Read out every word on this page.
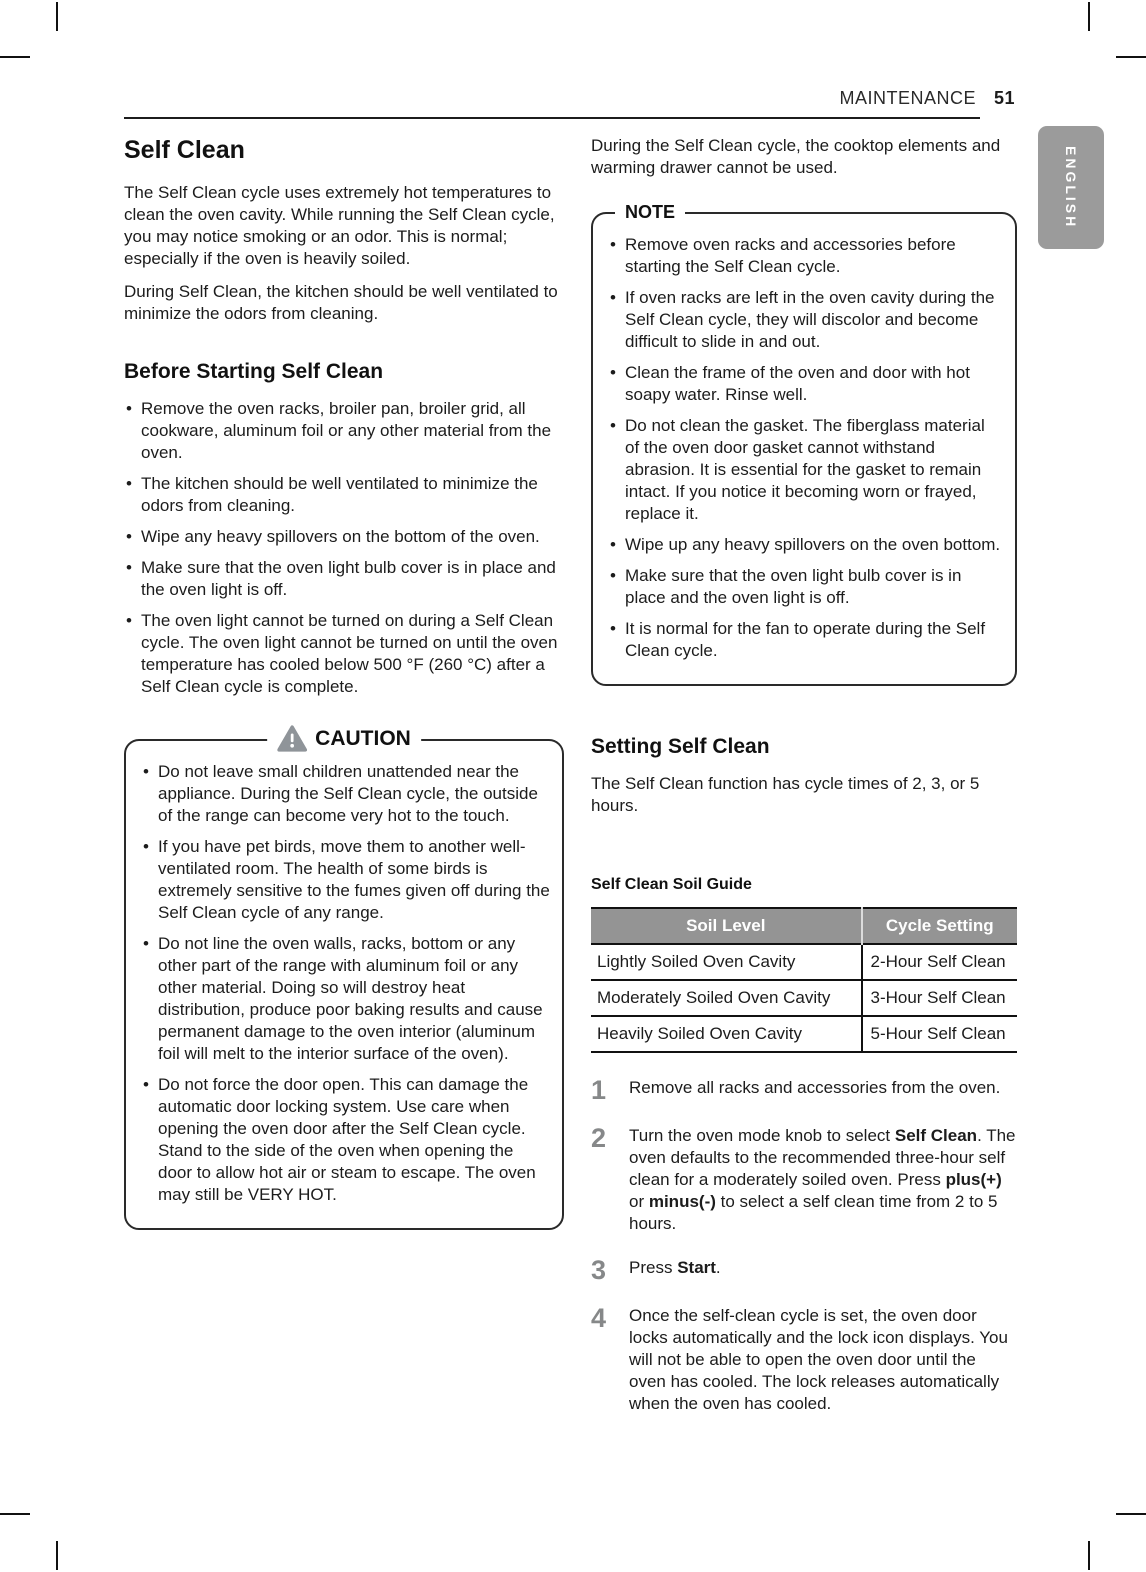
MAINTENANCE 51
ENGLISH
Self Clean

The Self Clean cycle uses extremely hot temperatures to clean the oven cavity. While running the Self Clean cycle, you may notice smoking or an odor. This is normal; especially if the oven is heavily soiled.

During Self Clean, the kitchen should be well ventilated to minimize the odors from cleaning.

Before Starting Self Clean
• Remove the oven racks, broiler pan, broiler grid, all cookware, aluminum foil or any other material from the oven.
• The kitchen should be well ventilated to minimize the odors from cleaning.
• Wipe any heavy spillovers on the bottom of the oven.
• Make sure that the oven light bulb cover is in place and the oven light is off.
• The oven light cannot be turned on during a Self Clean cycle. The oven light cannot be turned on until the oven temperature has cooled below 500 °F (260 °C) after a Self Clean cycle is complete.
CAUTION
• Do not leave small children unattended near the appliance. During the Self Clean cycle, the outside of the range can become very hot to the touch.
• If you have pet birds, move them to another well-ventilated room. The health of some birds is extremely sensitive to the fumes given off during the Self Clean cycle of any range.
• Do not line the oven walls, racks, bottom or any other part of the range with aluminum foil or any other material. Doing so will destroy heat distribution, produce poor baking results and cause permanent damage to the oven interior (aluminum foil will melt to the interior surface of the oven).
• Do not force the door open. This can damage the automatic door locking system. Use care when opening the oven door after the Self Clean cycle. Stand to the side of the oven when opening the door to allow hot air or steam to escape. The oven may still be VERY HOT.

During the Self Clean cycle, the cooktop elements and warming drawer cannot be used.

NOTE
• Remove oven racks and accessories before starting the Self Clean cycle.
• If oven racks are left in the oven cavity during the Self Clean cycle, they will discolor and become difficult to slide in and out.
• Clean the frame of the oven and door with hot soapy water. Rinse well.
• Do not clean the gasket. The fiberglass material of the oven door gasket cannot withstand abrasion. It is essential for the gasket to remain intact. If you notice it becoming worn or frayed, replace it.
• Wipe up any heavy spillovers on the oven bottom.
• Make sure that the oven light bulb cover is in place and the oven light is off.
• It is normal for the fan to operate during the Self Clean cycle.
Setting Self Clean

The Self Clean function has cycle times of 2, 3, or 5 hours.

Self Clean Soil Guide
Soil Level	Cycle Setting
Lightly Soiled Oven Cavity	2-Hour Self Clean
Moderately Soiled Oven Cavity	3-Hour Self Clean
Heavily Soiled Oven Cavity	5-Hour Self Clean
1	Remove all racks and accessories from the oven.
2	Turn the oven mode knob to select Self Clean. The oven defaults to the recommended three-hour self clean for a moderately soiled oven. Press plus(+) or minus(-) to select a self clean time from 2 to 5 hours.
3	Press Start.
4	Once the self-clean cycle is set, the oven door locks automatically and the lock icon displays. You will not be able to open the oven door until the oven has cooled. The lock releases automatically when the oven has cooled.
